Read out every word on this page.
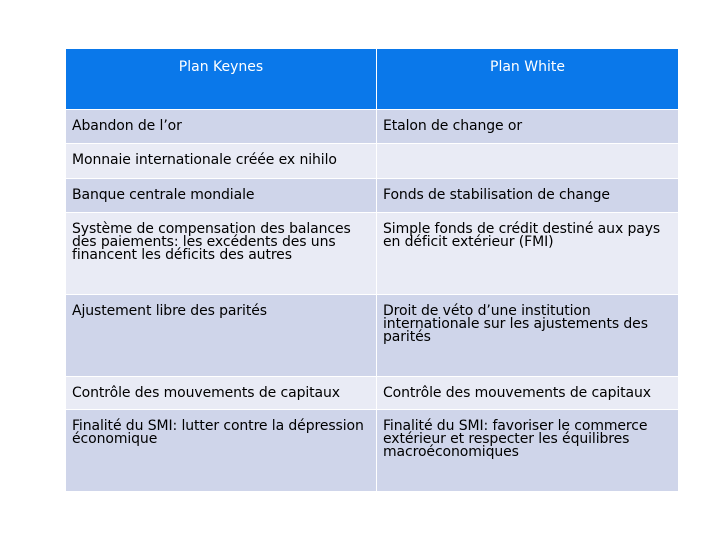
Plan Keynes	Plan White

Abandon de l’or	Etalon de change or

Monnaie internationale créée ex nihilo	

Banque centrale mondiale	Fonds de stabilisation de change

Système de compensation des balances des paiements: les excédents des uns financent les déficits des autres	Simple fonds de crédit destiné aux pays en déficit extérieur (FMI)

Ajustement libre des parités	Droit de véto d’une institution internationale sur les ajustements des parités

Contrôle des mouvements de capitaux	Contrôle des mouvements de capitaux

Finalité du SMI: lutter contre la dépression économique	Finalité du SMI: favoriser le commerce extérieur et respecter les équilibres macroéconomiques
